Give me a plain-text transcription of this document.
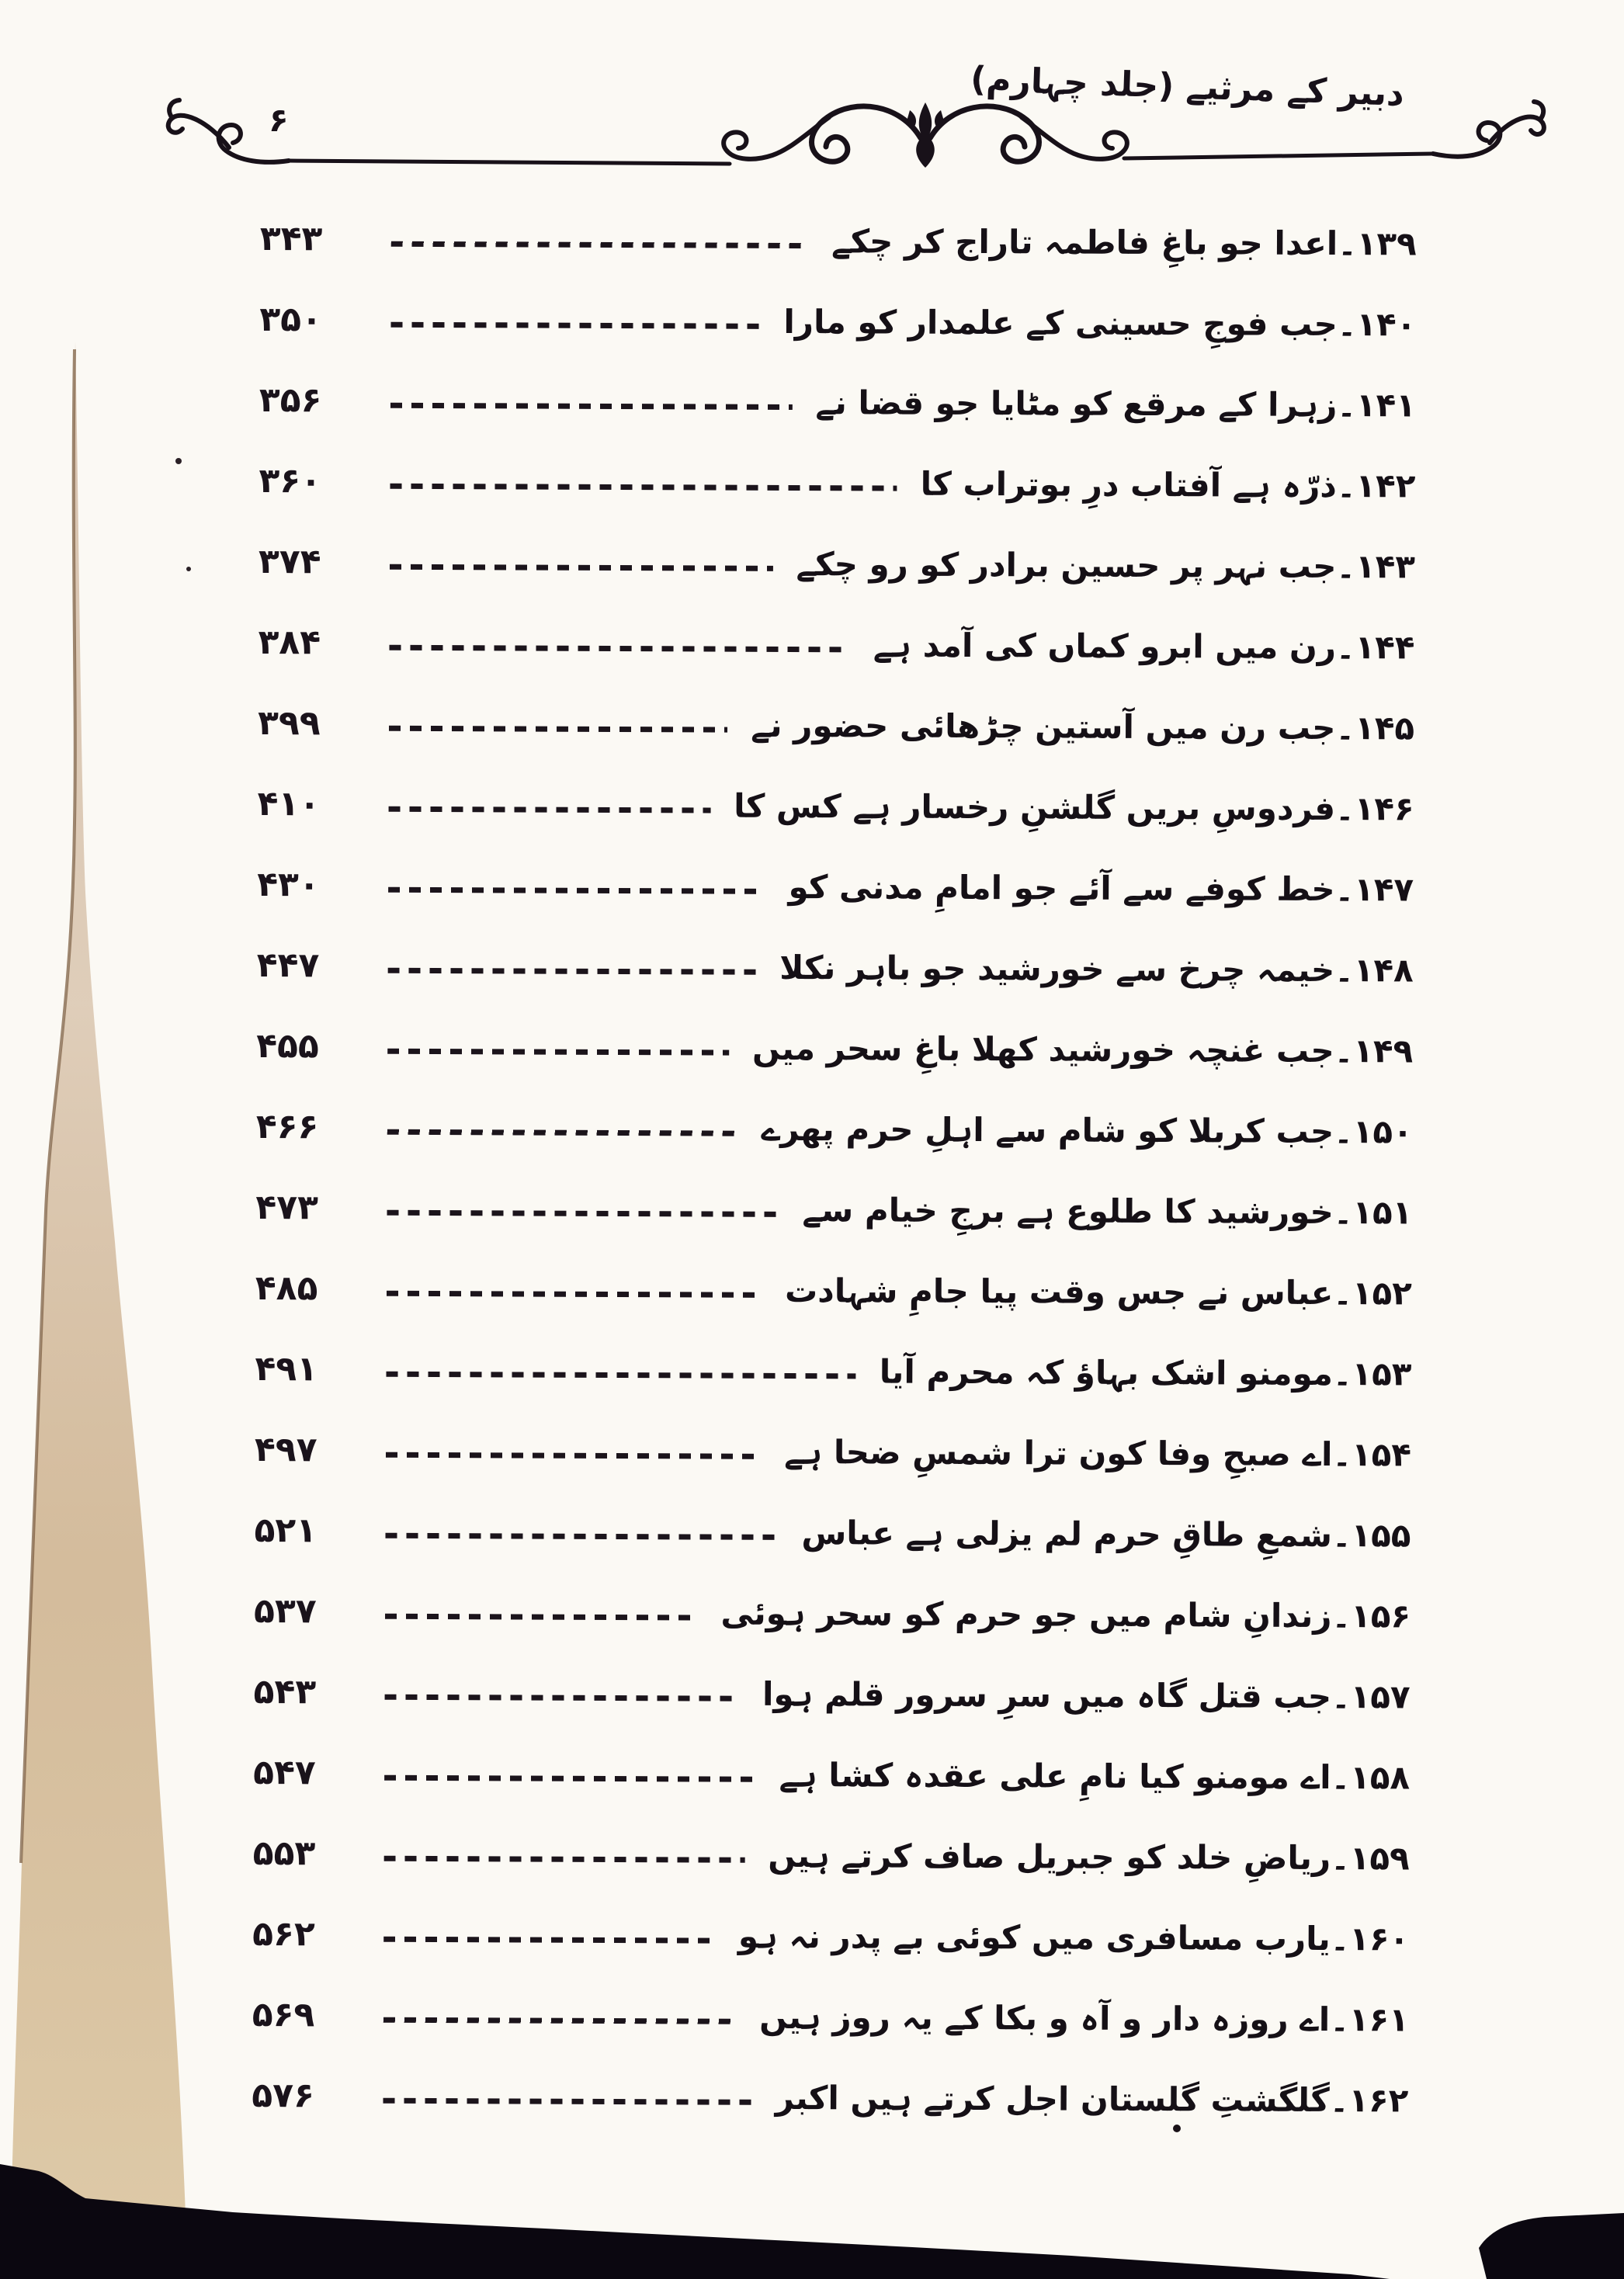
۶
دبیر کے مرثیے (جلد چہارم)
۳۴۳	۱۳۹۔اعدا جو باغِ فاطمہ تاراج کر چکے
۳۵۰	۱۴۰۔جب فوجِ حسینی کے علمدار کو مارا
۳۵۶	۱۴۱۔زہرا کے مرقع کو مٹایا جو قضا نے
۳۶۰	۱۴۲۔ذرّہ ہے آفتاب درِ بوتراب کا
۳۷۴	۱۴۳۔جب نہر پر حسین برادر کو رو چکے
۳۸۴	۱۴۴۔رن میں ابرو کماں کی آمد ہے
۳۹۹	۱۴۵۔جب رن میں آستین چڑھائی حضور نے
۴۱۰	۱۴۶۔فردوسِ بریں گلشنِ رخسار ہے کس کا
۴۳۰	۱۴۷۔خط کوفے سے آئے جو امامِ مدنی کو
۴۴۷	۱۴۸۔خیمہ چرخ سے خورشید جو باہر نکلا
۴۵۵	۱۴۹۔جب غنچہ خورشید کھلا باغِ سحر میں
۴۶۶	۱۵۰۔جب کربلا کو شام سے اہلِ حرم پھرے
۴۷۳	۱۵۱۔خورشید کا طلوع ہے برجِ خیام سے
۴۸۵	۱۵۲۔عباس نے جس وقت پیا جامِ شہادت
۴۹۱	۱۵۳۔مومنو اشک بہاؤ کہ محرم آیا
۴۹۷	۱۵۴۔اے صبحِ وفا کون ترا شمسِ ضحا ہے
۵۲۱	۱۵۵۔شمعِ طاقِ حرم لم یزلی ہے عباس
۵۳۷	۱۵۶۔زندانِ شام میں جو حرم کو سحر ہوئی
۵۴۳	۱۵۷۔جب قتل گاہ میں سرِ سرور قلم ہوا
۵۴۷	۱۵۸۔اے مومنو کیا نامِ علی عقدہ کشا ہے
۵۵۳	۱۵۹۔ریاضِ خلد کو جبریل صاف کرتے ہیں
۵۶۲	۱۶۰۔یارب مسافری میں کوئی بے پدر نہ ہو
۵۶۹	۱۶۱۔اے روزہ دار و آہ و بکا کے یہ روز ہیں
۵۷۶	۱۶۲۔گلگشتِ گلستان اجل کرتے ہیں اکبر
